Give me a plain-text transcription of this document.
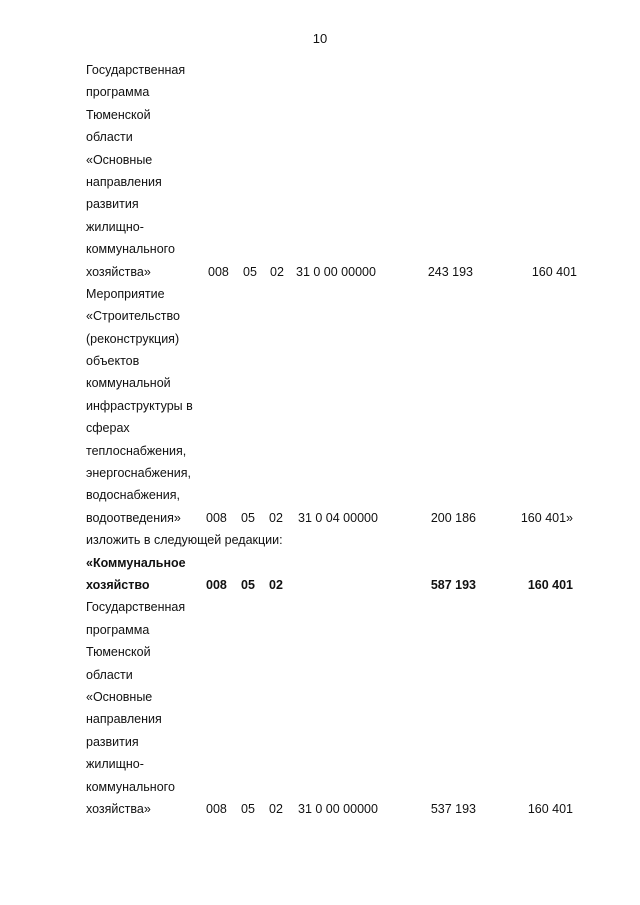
10
Государственная
программа
Тюменской
области
«Основные
направления
развития
жилищно-
коммунального
хозяйства»	008 05 02 31 0 00 00000	243 193	160 401
Мероприятие
«Строительство
(реконструкция)
объектов
коммунальной
инфраструктуры в
сферах
теплоснабжения,
энергоснабжения,
водоснабжения,
водоотведения» 008 05 02 31 0 04 00000	200 186	160 401»
изложить в следующей редакции:
«Коммунальное
хозяйство	008 05 02	587 193	160 401
Государственная
программа
Тюменской
области
«Основные
направления
развития
жилищно-
коммунального
хозяйства»	008 05 02 31 0 00 00000	537 193	160 401
